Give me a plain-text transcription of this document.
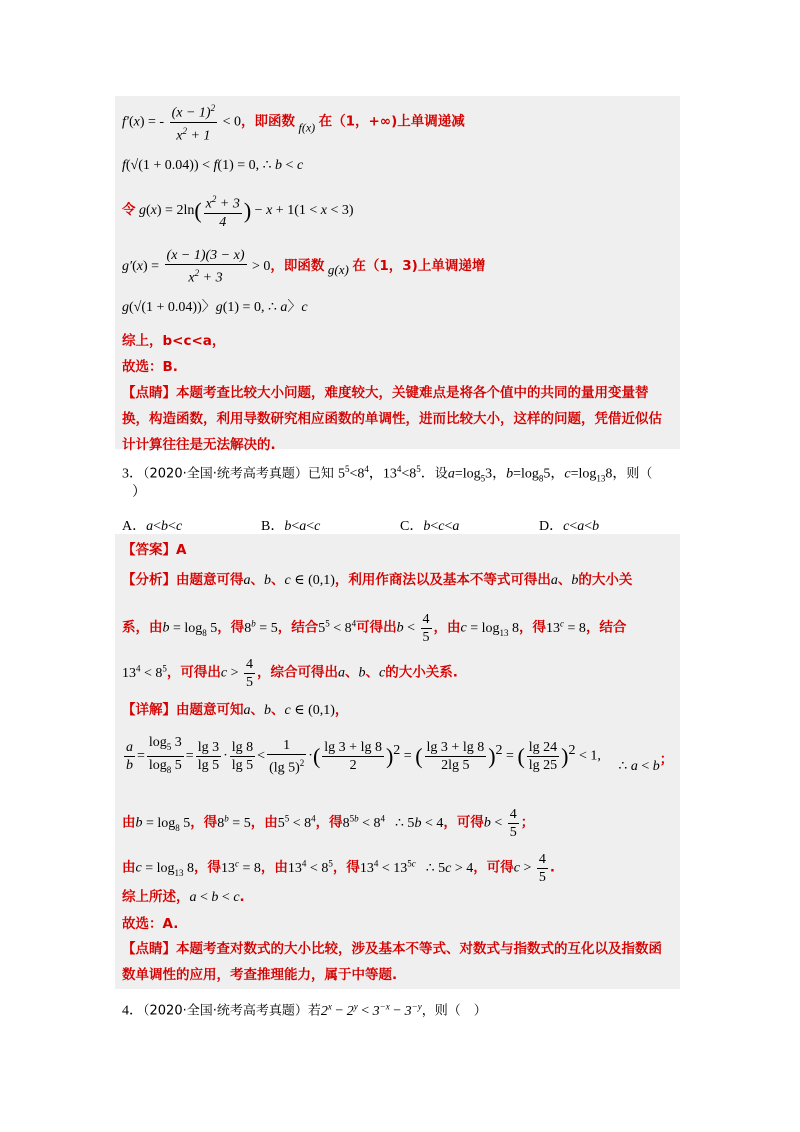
f′(x) = - $\frac{(x - 1)^2}{x^2 + 1} < 0$，即函数 f(x) 在（1，+∞)上单调递减
f(√(1 + 0.04)) < f(1) = 0, ∴ b < c
令 $g(x) = 2\ln( \frac{x^2 + 3}{4}$ ) − x + 1(1 < x < 3)
$g'(x) = \frac{(x - 1)(3 - x)}{x^2 + 3} > 0$，即函数 g(x) 在（1，3)上单调递增
g(√(1 + 0.04))〉g(1) = 0, ∴ a〉c
综上，b<c<a，
故选：B.
【点睛】本题考查比较大小问题，难度较大，关键难点是将各个值中的共同的量用变量替换，构造函数，利用导数研究相应函数的单调性，进而比较大小，这样的问题，凭借近似估计计算往往是无法解决的.
3．（2020·全国·统考高考真题）已知 $5^5<8^4$，$13^4<8^5$．设$a=\log_53$，$b=\log_85$，$c=\log_{13}8$，则（
）
A．a<b<c	B．b<a<c	C．b<c<a	D．c<a<b
【答案】A
【分析】由题意可得a、b、c ∈ (0,1)，利用作商法以及基本不等式可得出a、b的大小关
系，由$b = \log_8 5$，得$8^b = 5$，结合$5^5 < 8^4$可得出$b < \frac{4}{5}$ ，由$c = \log_{13} 8$，得$13^c = 8$，结合
$13^4 < 8^5$，可得出$c > \frac{4}{5}$ ，综合可得出a、b、c的大小关系.
【详解】由题意可知a、b、c ∈ (0,1)，
$\frac{a}{b} = \frac{\log_5 3}{\log_8 5} = \frac{\lg 3}{\lg 5} \cdot \frac{\lg 8}{\lg 5} < \frac{1}{(\lg 5)^2}$ ·( $\frac{\lg 3 + \lg 8}{2} )^2$ = ( $\frac{\lg 3 + \lg 8}{2\lg 5} )^2$ = ( $\frac{\lg 24}{\lg 25} )^2 < 1$, ∴ a < b；
由$b = \log_8 5$，得$8^b = 5$，由$5^5 < 8^4$，得$8^{5b} < 8^4$ ∴ 5b < 4，可得$b < \frac{4}{5}$ ；
由$c = \log_{13} 8$，得$13^c = 8$，由$13^4 < 8^5$，得$13^4 < 13^{5c}$ ∴ 5c > 4，可得$c > \frac{4}{5}$ .
综上所述，a < b < c.
故选：A.
【点睛】本题考查对数式的大小比较，涉及基本不等式、对数式与指数式的互化以及指数函数单调性的应用，考查推理能力，属于中等题.
4．（2020·全国·统考高考真题）若$2^x - 2^y < 3^{-x} - 3^{-y}$，则（　）
